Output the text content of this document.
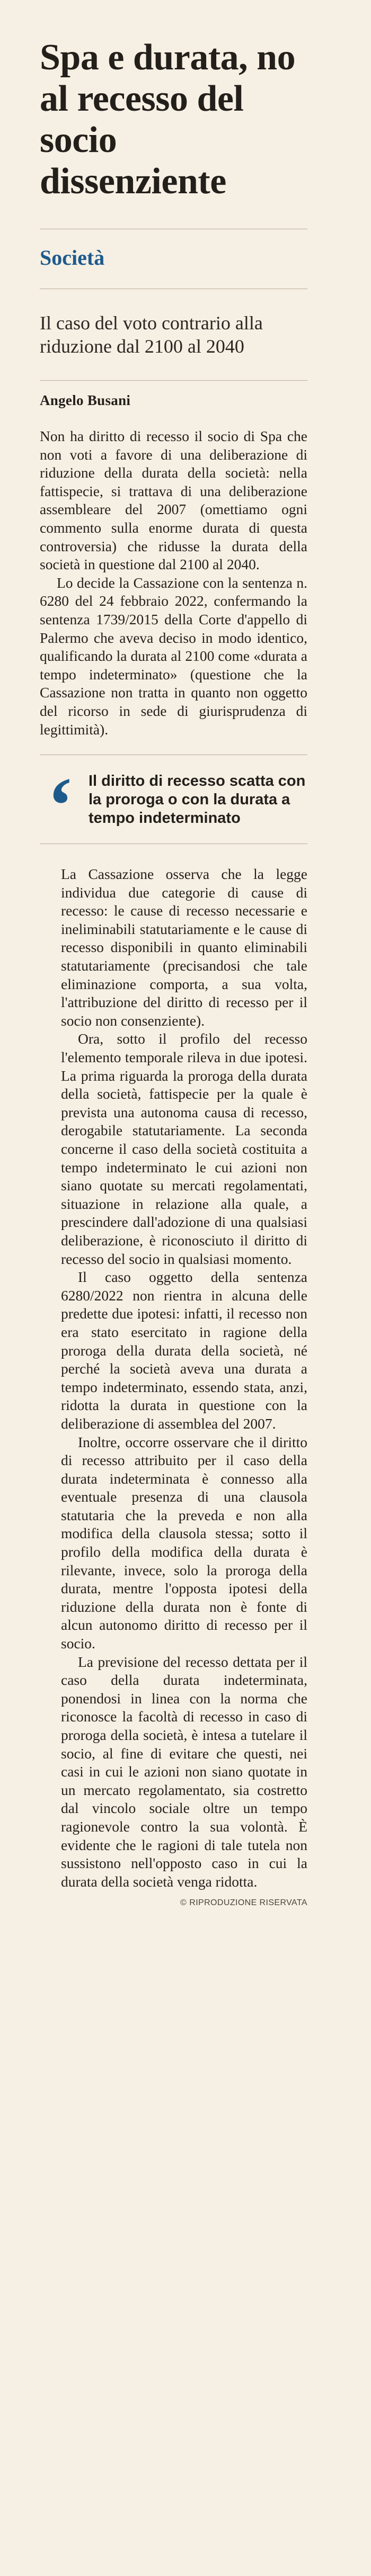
Spa e durata, no al recesso del socio dissenziente
Società
Il caso del voto contrario alla riduzione dal 2100 al 2040
Angelo Busani

Non ha diritto di recesso il socio di Spa che non voti a favore di una deliberazione di riduzione della durata della società: nella fattispecie, si trattava di una deliberazione assembleare del 2007 (omettiamo ogni commento sulla enorme durata di questa controversia) che ridusse la durata della società in questione dal 2100 al 2040.

Lo decide la Cassazione con la sentenza n. 6280 del 24 febbraio 2022, confermando la sentenza 1739/2015 della Corte d'appello di Palermo che aveva deciso in modo identico, qualificando la durata al 2100 come «durata a tempo indeterminato» (questione che la Cassazione non tratta in quanto non oggetto del ricorso in sede di giurisprudenza di legittimità).

‘ Il diritto di recesso scatta con la proroga o con la durata a tempo indeterminato

La Cassazione osserva che la legge individua due categorie di cause di recesso: le cause di recesso necessarie e ineliminabili statutariamente e le cause di recesso disponibili in quanto eliminabili statutariamente (precisandosi che tale eliminazione comporta, a sua volta, l'attribuzione del diritto di recesso per il socio non consenziente).

Ora, sotto il profilo del recesso l'elemento temporale rileva in due ipotesi. La prima riguarda la proroga della durata della società, fattispecie per la quale è prevista una autonoma causa di recesso, derogabile statutariamente. La seconda concerne il caso della società costituita a tempo indeterminato le cui azioni non siano quotate su mercati regolamentati, situazione in relazione alla quale, a prescindere dall'adozione di una qualsiasi deliberazione, è riconosciuto il diritto di recesso del socio in qualsiasi momento.

Il caso oggetto della sentenza 6280/2022 non rientra in alcuna delle predette due ipotesi: infatti, il recesso non era stato esercitato in ragione della proroga della durata della società, né perché la società aveva una durata a tempo indeterminato, essendo stata, anzi, ridotta la durata in questione con la deliberazione di assemblea del 2007.

Inoltre, occorre osservare che il diritto di recesso attribuito per il caso della durata indeterminata è connesso alla eventuale presenza di una clausola statutaria che la preveda e non alla modifica della clausola stessa; sotto il profilo della modifica della durata è rilevante, invece, solo la proroga della durata, mentre l'opposta ipotesi della riduzione della durata non è fonte di alcun autonomo diritto di recesso per il socio.

La previsione del recesso dettata per il caso della durata indeterminata, ponendosi in linea con la norma che riconosce la facoltà di recesso in caso di proroga della società, è intesa a tutelare il socio, al fine di evitare che questi, nei casi in cui le azioni non siano quotate in un mercato regolamentato, sia costretto dal vincolo sociale oltre un tempo ragionevole contro la sua volontà. È evidente che le ragioni di tale tutela non sussistono nell'opposto caso in cui la durata della società venga ridotta.

© RIPRODUZIONE RISERVATA
